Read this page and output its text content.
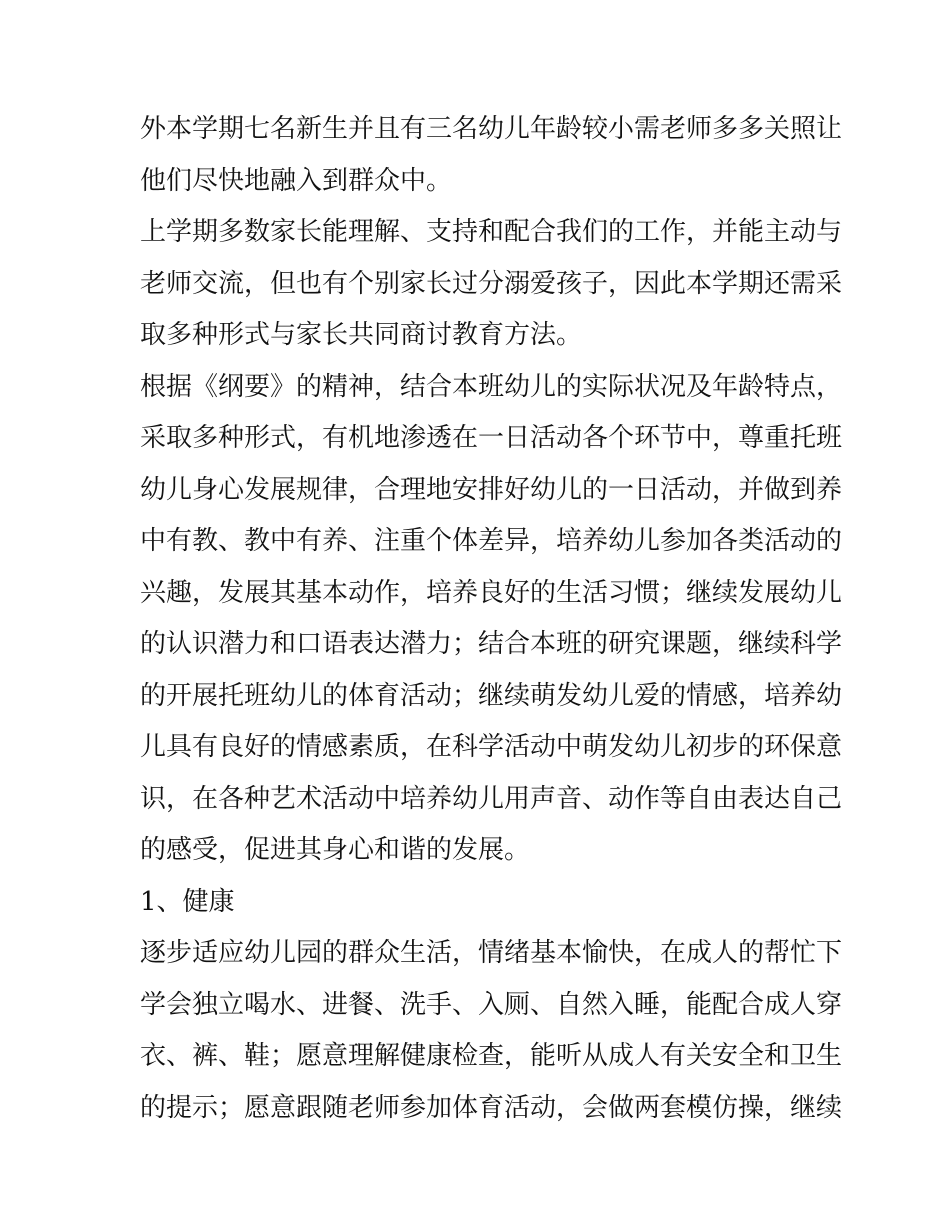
外本学期七名新生并且有三名幼儿年龄较小需老师多多关照让
他们尽快地融入到群众中。
上学期多数家长能理解、支持和配合我们的工作，并能主动与
老师交流，但也有个别家长过分溺爱孩子，因此本学期还需采
取多种形式与家长共同商讨教育方法。
根据《纲要》的精神，结合本班幼儿的实际状况及年龄特点，
采取多种形式，有机地渗透在一日活动各个环节中，尊重托班
幼儿身心发展规律，合理地安排好幼儿的一日活动，并做到养
中有教、教中有养、注重个体差异，培养幼儿参加各类活动的
兴趣，发展其基本动作，培养良好的生活习惯；继续发展幼儿
的认识潜力和口语表达潜力；结合本班的研究课题，继续科学
的开展托班幼儿的体育活动；继续萌发幼儿爱的情感，培养幼
儿具有良好的情感素质，在科学活动中萌发幼儿初步的环保意
识，在各种艺术活动中培养幼儿用声音、动作等自由表达自己
的感受，促进其身心和谐的发展。
1、健康
逐步适应幼儿园的群众生活，情绪基本愉快，在成人的帮忙下
学会独立喝水、进餐、洗手、入厕、自然入睡，能配合成人穿
衣、裤、鞋；愿意理解健康检查，能听从成人有关安全和卫生
的提示；愿意跟随老师参加体育活动，会做两套模仿操，继续
